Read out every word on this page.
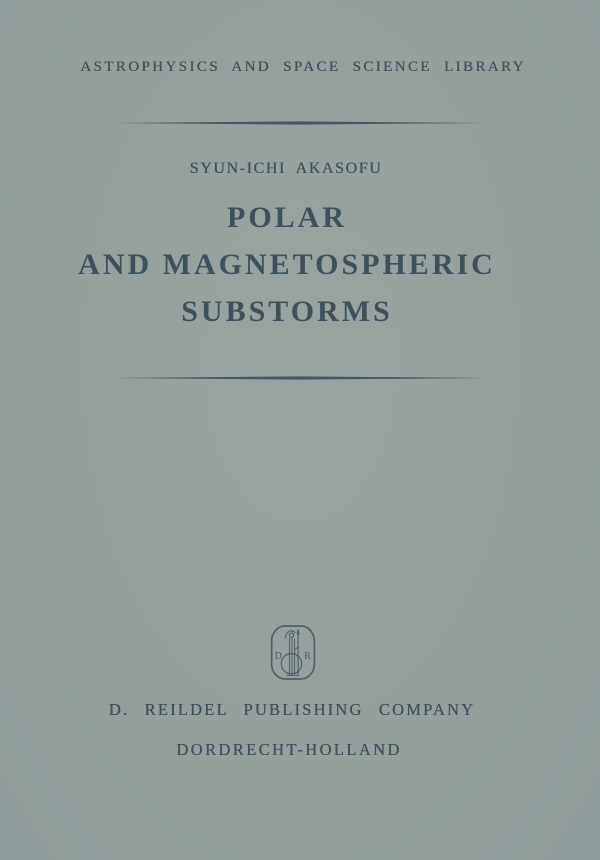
ASTROPHYSICS AND SPACE SCIENCE LIBRARY
SYUN-ICHI AKASOFU
POLAR
AND MAGNETOSPHERIC
SUBSTORMS
D R
D. REILDEL PUBLISHING COMPANY
DORDRECHT-HOLLAND
